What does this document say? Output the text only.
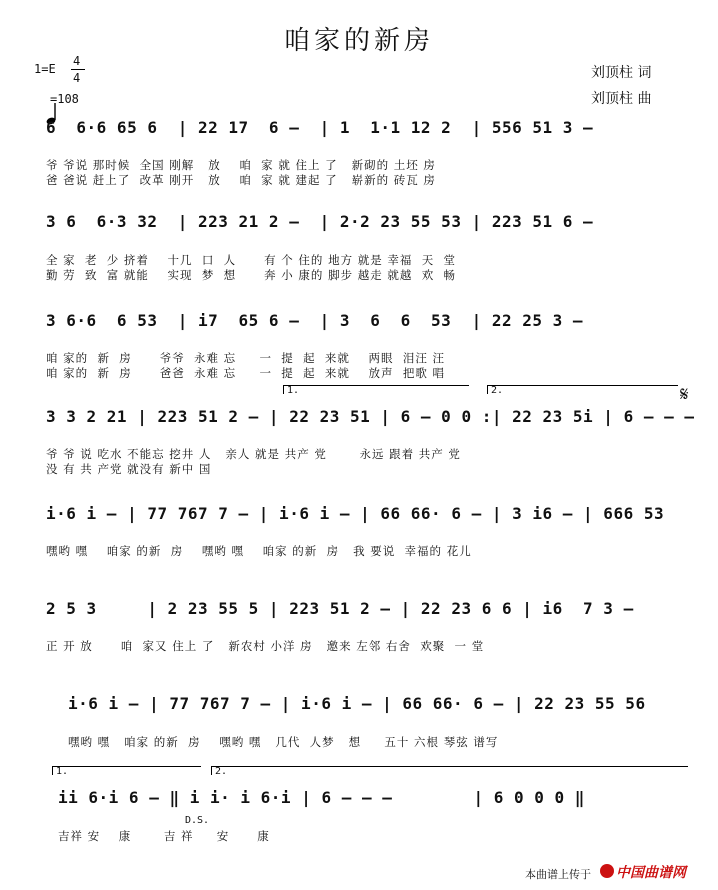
咱家的新房
1=E
4
4

=108
刘顶柱 词
刘顶柱 曲
6  6·6 65 6  | 22 17  6 –  | 1  1·1 12 2  | 556 51 3 –
爷 爷说 那时候  全国 刚解   放    咱  家 就 住上 了   新砌的 土坯 房
爸 爸说 赶上了  改革 刚开   放    咱  家 就 建起 了   崭新的 砖瓦 房
3 6  6·3 32  | 223 21 2 –  | 2·2 23 55 53 | 223 51 6 –
全 家  老  少 挤着    十几  口  人      有 个 住的 地方 就是 幸福  天  堂
勤 劳  致  富 就能    实现  梦  想      奔 小 康的 脚步 越走 就越  欢  畅
3 6·6  6 53  | i7  65 6 –  | 3  6  6  53  | 22 25 3 –
咱 家的  新  房      爷爷  永难 忘     一  提  起  来就    两眼  泪汪 汪
咱 家的  新  房      爸爸  永难 忘     一  提  起  来就    放声  把歌 唱
1.	2.	𝄋
3 3 2 21 | 223 51 2 – | 22 23 51 | 6 – 0 0 :| 22 23 5i | 6 – – –
爷 爷 说 吃水 不能忘 挖井 人   亲人 就是 共产 党       永远 跟着 共产 党
没 有 共 产党 就没有 新中 国
i·6 i – | 77 767 7 – | i·6 i – | 66 66· 6 – | 3 i6 – | 666 53
嘿哟 嘿    咱家 的新  房    嘿哟 嘿    咱家 的新  房   我 要说  幸福的 花儿
2 5 3     | 2 23 55 5 | 223 51 2 – | 22 23 6 6 | i6  7 3 –
正 开 放      咱  家又 住上 了   新农村 小洋 房   邀来 左邻 右舍  欢聚  一 堂
i·6 i – | 77 767 7 – | i·6 i – | 66 66· 6 – | 22 23 55 56
嘿哟 嘿   咱家 的新  房    嘿哟 嘿   几代  人梦   想     五十 六根 琴弦 谱写
1.	2.
ii 6·i 6 – ‖ i i· i 6·i | 6 – – –        | 6 0 0 0 ‖
D.S.
吉祥 安    康       吉 祥     安      康
本曲谱上传于 中国曲谱网
